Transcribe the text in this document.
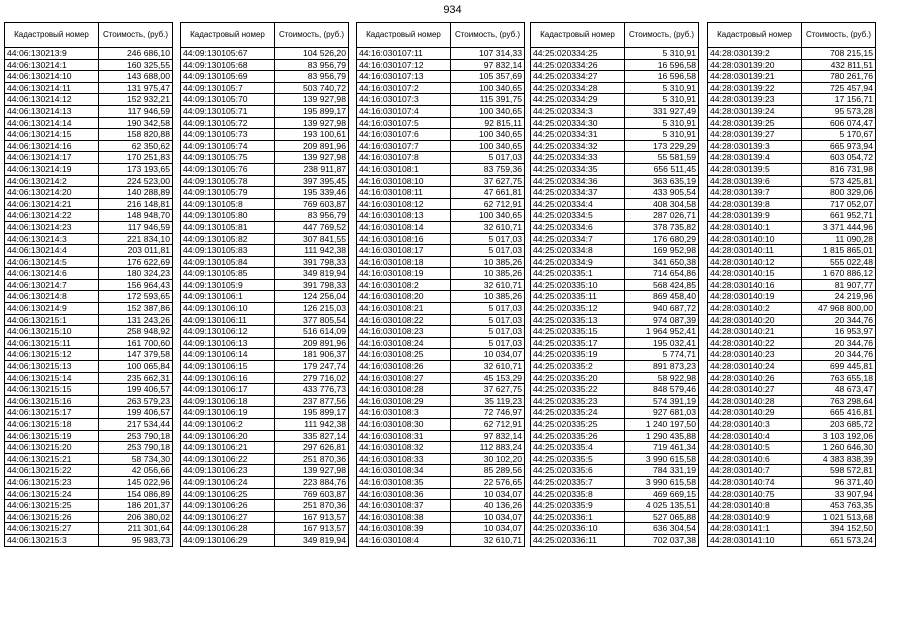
934
Кадастровый номер	Стоимость, (руб.)
44:06:130213:9	246 686,10
44:06:130214:1	160 325,55
44:06:130214:10	143 688,00
44:06:130214:11	131 975,47
44:06:130214:12	152 932,21
44:06:130214:13	117 946,59
44:06:130214:14	190 342,58
44:06:130214:15	158 820,88
44:06:130214:16	62 350,62
44:06:130214:17	170 251,83
44:06:130214:19	173 193,65
44:06:130214:2	224 523,00
44:06:130214:20	140 288,89
44:06:130214:21	216 148,81
44:06:130214:22	148 948,70
44:06:130214:23	117 946,59
44:06:130214:3	221 834,10
44:06:130214:4	203 011,81
44:06:130214:5	176 622,69
44:06:130214:6	180 324,23
44:06:130214:7	156 964,43
44:06:130214:8	172 593,65
44:06:130214:9	152 387,86
44:06:130215:1	131 243,26
44:06:130215:10	258 948,92
44:06:130215:11	161 700,60
44:06:130215:12	147 379,58
44:06:130215:13	100 065,84
44:06:130215:14	235 662,31
44:06:130215:15	199 406,57
44:06:130215:16	263 579,23
44:06:130215:17	199 406,57
44:06:130215:18	217 534,44
44:06:130215:19	253 790,18
44:06:130215:20	253 790,18
44:06:130215:21	58 734,30
44:06:130215:22	42 056,66
44:06:130215:23	145 022,96
44:06:130215:24	154 086,89
44:06:130215:25	186 201,37
44:06:130215:26	206 380,02
44:06:130215:27	211 301,64
44:06:130215:3	95 983,73
Кадастровый номер	Стоимость, (руб.)
44:09:130105:67	104 526,20
44:09:130105:68	83 956,79
44:09:130105:69	83 956,79
44:09:130105:7	503 740,72
44:09:130105:70	139 927,98
44:09:130105:71	195 899,17
44:09:130105:72	139 927,98
44:09:130105:73	193 100,61
44:09:130105:74	209 891,96
44:09:130105:75	139 927,98
44:09:130105:76	238 911,87
44:09:130105:78	397 395,45
44:09:130105:79	195 339,46
44:09:130105:8	769 603,87
44:09:130105:80	83 956,79
44:09:130105:81	447 769,52
44:09:130105:82	307 841,55
44:09:130105:83	111 942,38
44:09:130105:84	391 798,33
44:09:130105:85	349 819,94
44:09:130105:9	391 798,33
44:09:130106:1	124 256,04
44:09:130106:10	126 215,03
44:09:130106:11	377 805,54
44:09:130106:12	516 614,09
44:09:130106:13	209 891,96
44:09:130106:14	181 906,37
44:09:130106:15	179 247,74
44:09:130106:16	279 716,02
44:09:130106:17	433 776,73
44:09:130106:18	237 877,56
44:09:130106:19	195 899,17
44:09:130106:2	111 942,38
44:09:130106:20	335 827,14
44:09:130106:21	297 626,81
44:09:130106:22	251 870,36
44:09:130106:23	139 927,98
44:09:130106:24	223 884,76
44:09:130106:25	769 603,87
44:09:130106:26	251 870,36
44:09:130106:27	167 913,57
44:09:130106:28	167 913,57
44:09:130106:29	349 819,94
Кадастровый номер	Стоимость, (руб.)
44:16:030107:11	107 314,33
44:16:030107:12	97 832,14
44:16:030107:13	105 357,69
44:16:030107:2	100 340,65
44:16:030107:3	115 391,75
44:16:030107:4	100 340,65
44:16:030107:5	92 815,11
44:16:030107:6	100 340,65
44:16:030107:7	100 340,65
44:16:030107:8	5 017,03
44:16:030108:1	83 759,36
44:16:030108:10	37 627,75
44:16:030108:11	47 661,81
44:16:030108:12	62 712,91
44:16:030108:13	100 340,65
44:16:030108:14	32 610,71
44:16:030108:16	5 017,03
44:16:030108:17	5 017,03
44:16:030108:18	10 385,26
44:16:030108:19	10 385,26
44:16:030108:2	32 610,71
44:16:030108:20	10 385,26
44:16:030108:21	5 017,03
44:16:030108:22	5 017,03
44:16:030108:23	5 017,03
44:16:030108:24	5 017,03
44:16:030108:25	10 034,07
44:16:030108:26	32 610,71
44:16:030108:27	45 153,29
44:16:030108:28	37 627,75
44:16:030108:29	35 119,23
44:16:030108:3	72 746,97
44:16:030108:30	62 712,91
44:16:030108:31	97 832,14
44:16:030108:32	112 883,24
44:16:030108:33	30 102,20
44:16:030108:34	85 289,56
44:16:030108:35	22 576,65
44:16:030108:36	10 034,07
44:16:030108:37	40 136,26
44:16:030108:38	10 034,07
44:16:030108:39	10 034,07
44:16:030108:4	32 610,71
Кадастровый номер	Стоимость, (руб.)
44:25:020334:25	5 310,91
44:25:020334:26	16 596,58
44:25:020334:27	16 596,58
44:25:020334:28	5 310,91
44:25:020334:29	5 310,91
44:25:020334:3	331 927,49
44:25:020334:30	5 310,91
44:25:020334:31	5 310,91
44:25:020334:32	173 229,29
44:25:020334:33	55 581,59
44:25:020334:35	656 511,45
44:25:020334:36	363 635,19
44:25:020334:37	433 905,54
44:25:020334:4	408 304,58
44:25:020334:5	287 026,71
44:25:020334:6	378 735,82
44:25:020334:7	176 680,29
44:25:020334:8	169 952,98
44:25:020334:9	341 650,38
44:25:020335:1	714 654,86
44:25:020335:10	568 424,85
44:25:020335:11	869 458,40
44:25:020335:12	940 687,72
44:25:020335:13	974 087,39
44:25:020335:15	1 964 952,41
44:25:020335:17	195 032,41
44:25:020335:19	5 774,71
44:25:020335:2	891 873,23
44:25:020335:20	58 922,98
44:25:020335:22	848 579,46
44:25:020335:23	574 391,19
44:25:020335:24	927 681,03
44:25:020335:25	1 240 197,50
44:25:020335:26	1 290 435,88
44:25:020335:4	719 461,34
44:25:020335:5	3 990 615,58
44:25:020335:6	784 331,19
44:25:020335:7	3 990 615,58
44:25:020335:8	469 669,15
44:25:020335:9	4 025 135,51
44:25:020336:1	527 065,88
44:25:020336:10	636 304,54
44:25:020336:11	702 037,38
Кадастровый номер	Стоимость, (руб.)
44:28:030139:2	708 215,15
44:28:030139:20	432 811,51
44:28:030139:21	780 261,76
44:28:030139:22	725 457,94
44:28:030139:23	17 156,71
44:28:030139:24	95 573,28
44:28:030139:25	606 074,47
44:28:030139:27	5 170,67
44:28:030139:3	665 973,94
44:28:030139:4	603 054,72
44:28:030139:5	816 731,98
44:28:030139:6	573 425,81
44:28:030139:7	800 329,06
44:28:030139:8	717 052,07
44:28:030139:9	661 952,71
44:28:030140:1	3 371 444,96
44:28:030140:10	11 090,28
44:28:030140:11	1 815 865,01
44:28:030140:12	555 022,48
44:28:030140:15	1 670 886,12
44:28:030140:16	81 907,77
44:28:030140:19	24 219,96
44:28:030140:2	47 968 800,00
44:28:030140:20	20 344,76
44:28:030140:21	16 953,97
44:28:030140:22	20 344,76
44:28:030140:23	20 344,76
44:28:030140:24	699 445,81
44:28:030140:26	763 655,18
44:28:030140:27	48 673,47
44:28:030140:28	763 298,64
44:28:030140:29	665 416,81
44:28:030140:3	203 685,72
44:28:030140:4	3 103 192,06
44:28:030140:5	1 260 646,30
44:28:030140:6	4 383 838,39
44:28:030140:7	598 572,81
44:28:030140:74	96 371,40
44:28:030140:75	33 907,94
44:28:030140:8	453 763,35
44:28:030140:9	1 021 513,68
44:28:030141:1	394 152,50
44:28:030141:10	651 573,24
